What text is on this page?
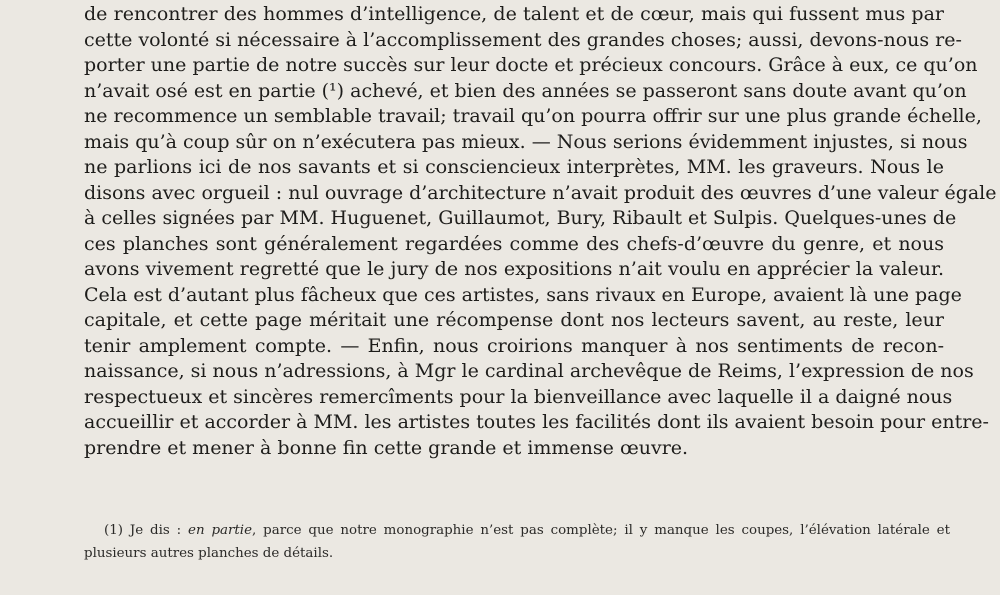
de rencontrer des hommes d’intelligence, de talent et de cœur, mais qui fussent mus par
cette volonté si nécessaire à l’accomplissement des grandes choses; aussi, devons-nous re-
porter une partie de notre succès sur leur docte et précieux concours. Grâce à eux, ce qu’on
n’avait osé est en partie (¹) achevé, et bien des années se passeront sans doute avant qu’on
ne recommence un semblable travail; travail qu’on pourra offrir sur une plus grande échelle,
mais qu’à coup sûr on n’exécutera pas mieux. — Nous serions évidemment injustes, si nous
ne parlions ici de nos savants et si consciencieux interprètes, MM. les graveurs. Nous le
disons avec orgueil : nul ouvrage d’architecture n’avait produit des œuvres d’une valeur égale
à celles signées par MM. Huguenet, Guillaumot, Bury, Ribault et Sulpis. Quelques-unes de
ces planches sont généralement regardées comme des chefs-d’œuvre du genre, et nous
avons vivement regretté que le jury de nos expositions n’ait voulu en apprécier la valeur.
Cela est d’autant plus fâcheux que ces artistes, sans rivaux en Europe, avaient là une page
capitale, et cette page méritait une récompense dont nos lecteurs savent, au reste, leur
tenir amplement compte. — Enfin, nous croirions manquer à nos sentiments de recon-
naissance, si nous n’adressions, à Mgr le cardinal archevêque de Reims, l’expression de nos
respectueux et sincères remercîments pour la bienveillance avec laquelle il a daigné nous
accueillir et accorder à MM. les artistes toutes les facilités dont ils avaient besoin pour entre-
prendre et mener à bonne fin cette grande et immense œuvre.
(1) Je dis : en partie, parce que notre monographie n’est pas complète; il y manque les coupes, l’élévation latérale et
plusieurs autres planches de détails.
